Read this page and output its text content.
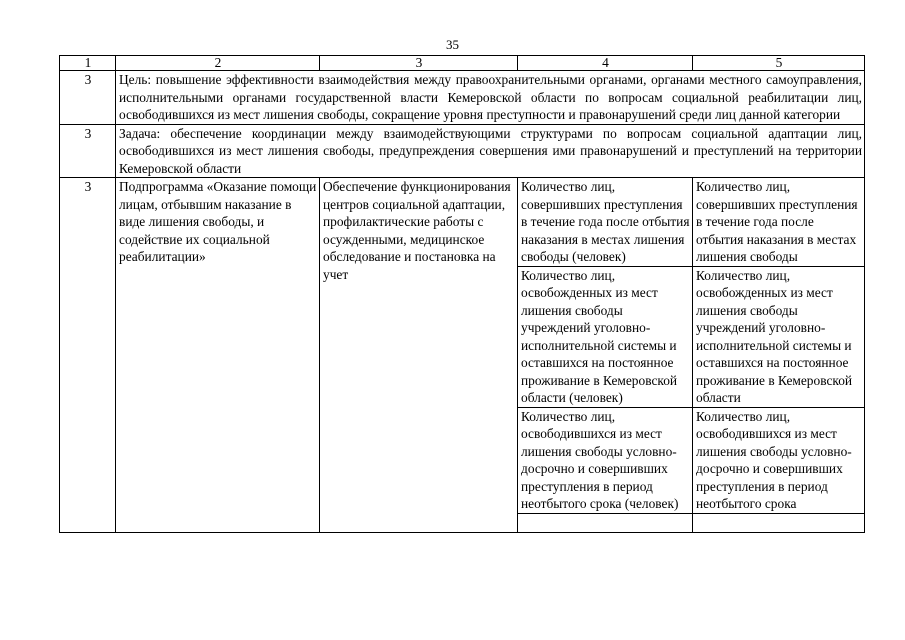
35
1	2	3	4	5
3	Цель: повышение эффективности взаимодействия между правоохранительными органами, органами местного самоуправления, исполнительными органами государственной власти Кемеровской области по вопросам социальной реабилитации лиц, освободившихся из мест лишения свободы, сокращение уровня преступности и правонарушений среди лиц данной категории			
3	Задача: обеспечение координации между взаимодействующими структурами по вопросам социальной адаптации лиц, освободившихся из мест лишения свободы, предупреждения совершения ими правонарушений и преступлений на территории Кемеровской области			
3	Подпрограмма «Оказание помощи лицам, отбывшим наказание в виде лишения свободы, и содействие их социальной реабилитации»	Обеспечение функционирования центров социальной адаптации, профилактические работы с осужденными, медицинское обследование и постановка на учет	Количество лиц, совершивших преступления в течение года после отбытия наказания в местах лишения свободы (человек)	Количество лиц, совершивших преступления в течение года после отбытия наказания в местах лишения свободы
			Количество лиц, освобожденных из мест лишения свободы учреждений уголовно-исполнительной системы и оставшихся на постоянное проживание в Кемеровской области (человек)	Количество лиц, освобожденных из мест лишения свободы учреждений уголовно-исполнительной системы и оставшихся на постоянное проживание в Кемеровской области
			Количество лиц, освободившихся из мест лишения свободы условно-досрочно и совершивших преступления в период неотбытого срока (человек)	Количество лиц, освободившихся из мест лишения свободы условно-досрочно и совершивших преступления в период неотбытого срока
